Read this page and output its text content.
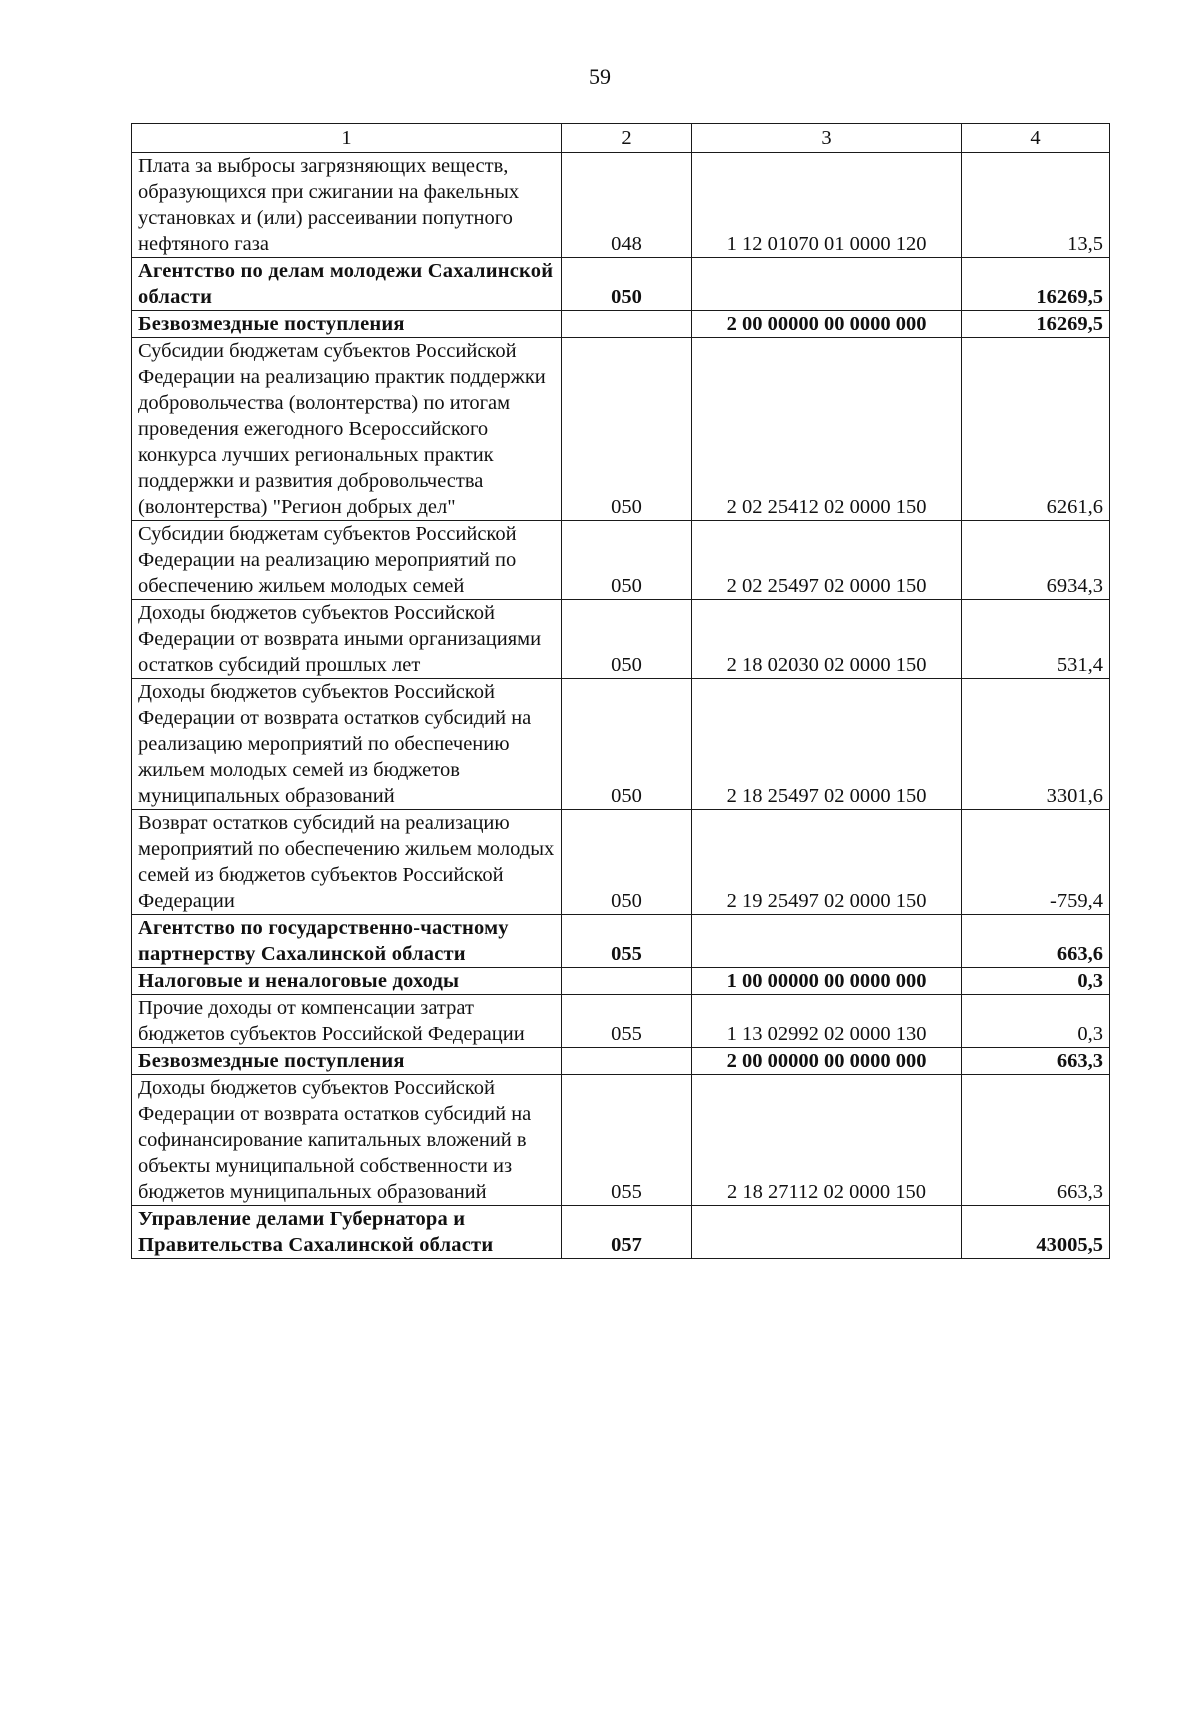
59
1	2	3	4
Плата за выбросы загрязняющих веществ, образующихся при сжигании на факельных установках и (или) рассеивании попутного нефтяного газа	048	1 12 01070 01 0000 120	13,5
Агентство по делам молодежи Сахалинской области	050		16269,5
Безвозмездные поступления		2 00 00000 00 0000 000	16269,5
Субсидии бюджетам субъектов Российской Федерации на реализацию практик поддержки добровольчества (волонтерства) по итогам проведения ежегодного Всероссийского конкурса лучших региональных практик поддержки и развития добровольчества (волонтерства) "Регион добрых дел"	050	2 02 25412 02 0000 150	6261,6
Субсидии бюджетам субъектов Российской Федерации на реализацию мероприятий по обеспечению жильем молодых семей	050	2 02 25497 02 0000 150	6934,3
Доходы бюджетов субъектов Российской Федерации от возврата иными организациями остатков субсидий прошлых лет	050	2 18 02030 02 0000 150	531,4
Доходы бюджетов субъектов Российской Федерации от возврата остатков субсидий на реализацию мероприятий по обеспечению жильем молодых семей из бюджетов муниципальных образований	050	2 18 25497 02 0000 150	3301,6
Возврат остатков субсидий на реализацию мероприятий по обеспечению жильем молодых семей из бюджетов субъектов Российской Федерации	050	2 19 25497 02 0000 150	-759,4
Агентство по государственно-частному партнерству Сахалинской области	055		663,6
Налоговые и неналоговые доходы		1 00 00000 00 0000 000	0,3
Прочие доходы от компенсации затрат бюджетов субъектов Российской Федерации	055	1 13 02992 02 0000 130	0,3
Безвозмездные поступления		2 00 00000 00 0000 000	663,3
Доходы бюджетов субъектов Российской Федерации от возврата остатков субсидий на софинансирование капитальных вложений в объекты муниципальной собственности из бюджетов муниципальных образований	055	2 18 27112 02 0000 150	663,3
Управление делами Губернатора и Правительства Сахалинской области	057		43005,5
